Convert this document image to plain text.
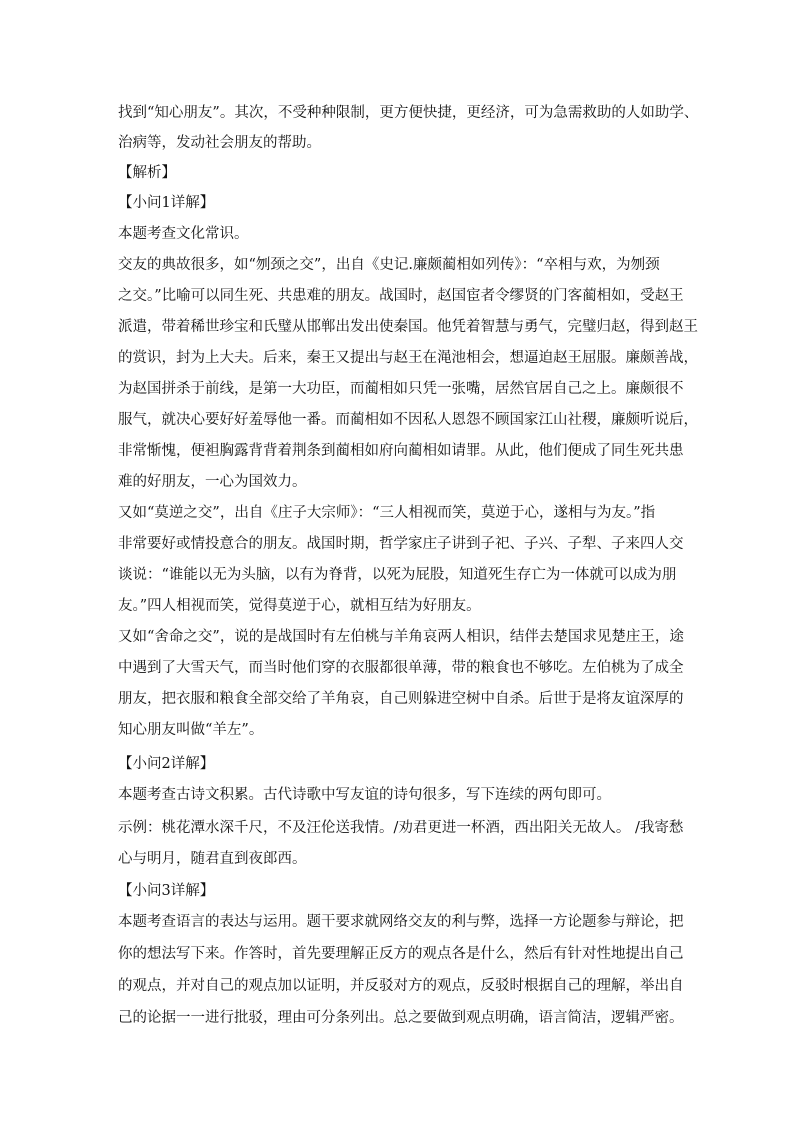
找到“知心朋友”。其次，不受种种限制，更方便快捷，更经济，可为急需救助的人如助学、
治病等，发动社会朋友的帮助。
【解析】
【小问1详解】
本题考查文化常识。
交友的典故很多，如“刎颈之交”，出自《史记.廉颇蔺相如列传》：“卒相与欢，为刎颈
之交。”比喻可以同生死、共患难的朋友。战国时，赵国宦者令缪贤的门客蔺相如，受赵王
派遣，带着稀世珍宝和氏璧从邯郸出发出使秦国。他凭着智慧与勇气，完璧归赵，得到赵王
的赏识，封为上大夫。后来，秦王又提出与赵王在渑池相会，想逼迫赵王屈服。廉颇善战，
为赵国拼杀于前线，是第一大功臣，而蔺相如只凭一张嘴，居然官居自己之上。廉颇很不
服气，就决心要好好羞辱他一番。而蔺相如不因私人恩怨不顾国家江山社稷，廉颇听说后，
非常惭愧，便袒胸露背背着荆条到蔺相如府向蔺相如请罪。从此，他们便成了同生死共患
难的好朋友，一心为国效力。
又如“莫逆之交”，出自《庄子大宗师》：“三人相视而笑，莫逆于心，遂相与为友。”指
非常要好或情投意合的朋友。战国时期，哲学家庄子讲到子祀、子兴、子犁、子来四人交
谈说：“谁能以无为头脑，以有为脊背，以死为屁股，知道死生存亡为一体就可以成为朋
友。”四人相视而笑，觉得莫逆于心，就相互结为好朋友。
又如“舍命之交”，说的是战国时有左伯桃与羊角哀两人相识，结伴去楚国求见楚庄王，途
中遇到了大雪天气，而当时他们穿的衣服都很单薄，带的粮食也不够吃。左伯桃为了成全
朋友，把衣服和粮食全部交给了羊角哀，自己则躲进空树中自杀。后世于是将友谊深厚的
知心朋友叫做“羊左”。
【小问2详解】
本题考查古诗文积累。古代诗歌中写友谊的诗句很多，写下连续的两句即可。
示例：桃花潭水深千尺，不及汪伦送我情。/劝君更进一杯酒，西出阳关无故人。 /我寄愁
心与明月，随君直到夜郎西。
【小问3详解】
本题考查语言的表达与运用。题干要求就网络交友的利与弊，选择一方论题参与辩论，把
你的想法写下来。作答时，首先要理解正反方的观点各是什么，然后有针对性地提出自己
的观点，并对自己的观点加以证明，并反驳对方的观点，反驳时根据自己的理解，举出自
己的论据一一进行批驳，理由可分条列出。总之要做到观点明确，语言简洁，逻辑严密。
